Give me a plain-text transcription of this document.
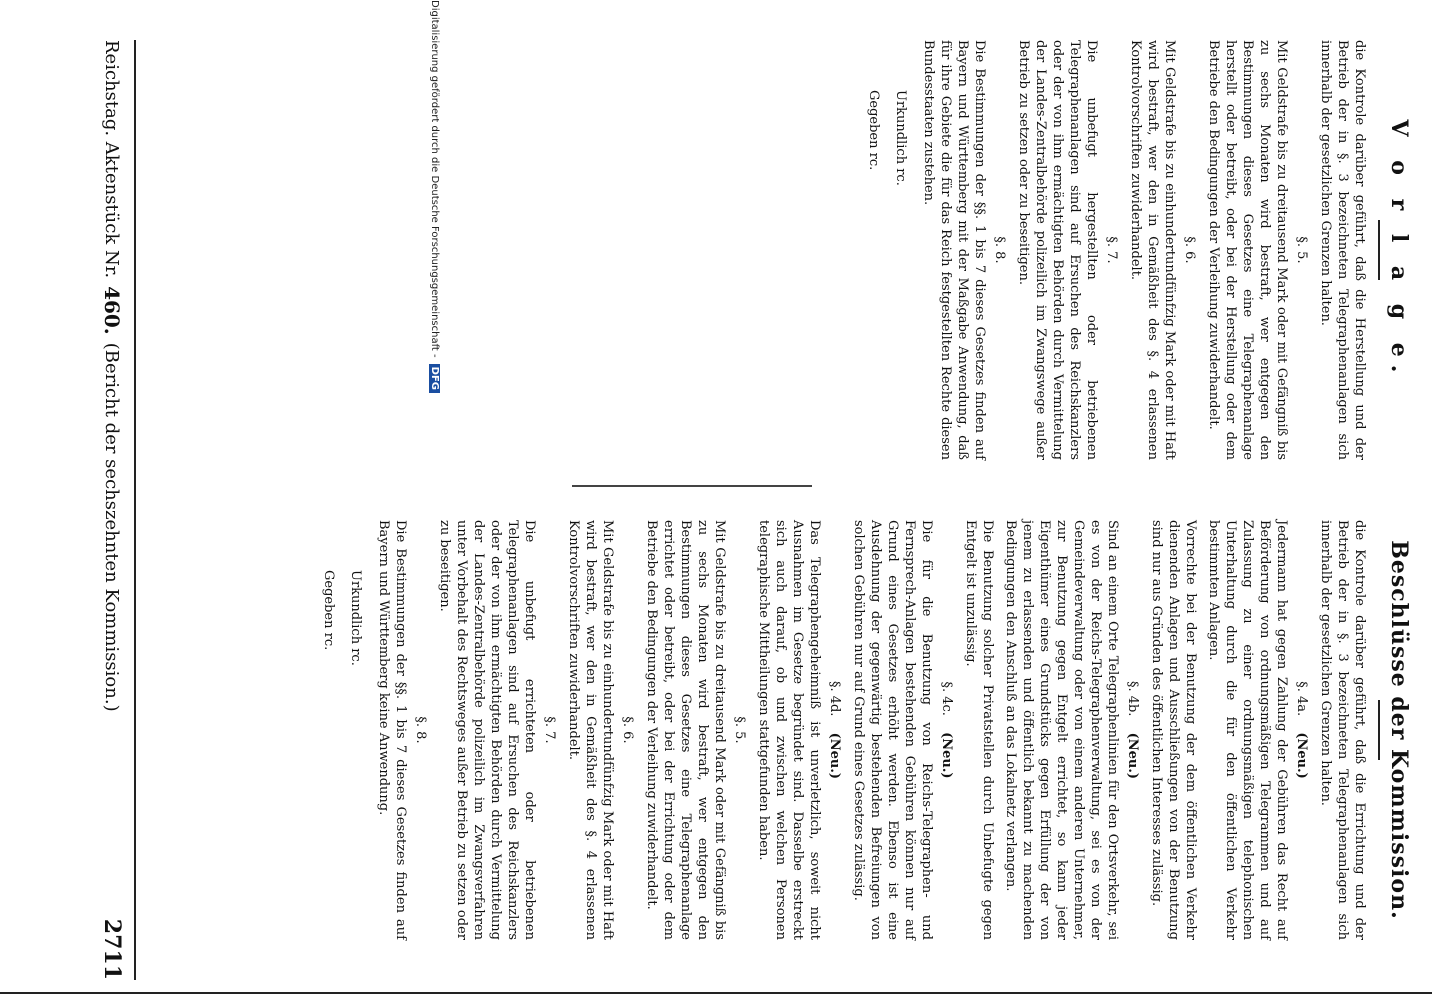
Reichstag. Aktenstück Nr.
460.
(Bericht der sechszehnten Kommission.)
2711
V o r l a g e.

die Kontrole darüber geführt, daß die Herstellung und der Betrieb der in §. 3 bezeichneten Telegraphenanlagen sich innerhalb der gesetzlichen Grenzen halten.

§. 5.

Mit Geldstrafe bis zu dreitausend Mark oder mit Gefängniß bis zu sechs Monaten wird bestraft, wer entgegen den Bestimmungen dieses Gesetzes eine Telegraphenanlage herstellt oder betreibt, oder bei der Herstellung oder dem Betriebe den Bedingungen der Verleihung zuwiderhandelt.

§. 6.

Mit Geldstrafe bis zu einhundertundfünfzig Mark oder mit Haft wird bestraft, wer den in Gemäßheit des §. 4 erlassenen Kontrolvorschriften zuwiderhandelt.

§. 7.

Die unbefugt hergestellten oder betriebenen Telegraphenanlagen sind auf Ersuchen des Reichskanzlers oder der von ihm ermächtigten Behörden durch Vermittelung der Landes-Zentralbehörde polizeilich im Zwangswege außer Betrieb zu setzen oder zu beseitigen.

§. 8.

Die Bestimmungen der §§. 1 bis 7 dieses Gesetzes finden auf Bayern und Württemberg mit der Maßgabe Anwendung, daß für ihre Gebiete die für das Reich festgestellten Rechte diesen Bundesstaaten zustehen.

Urkundlich rc.
Gegeben rc.
Beschlüsse der Kommission.

die Kontrole darüber geführt, daß die Errichtung und der Betrieb der in §. 3 bezeichneten Telegraphenanlagen sich innerhalb der gesetzlichen Grenzen halten.

§. 4a. (Neu.)

Jedermann hat gegen Zahlung der Gebühren das Recht auf Beförderung von ordnungsmäßigen Telegrammen und auf Zulassung zu einer ordnungsmäßigen telephonischen Unterhaltung durch die für den öffentlichen Verkehr bestimmten Anlagen.

Vorrechte bei der Benutzung der dem öffentlichen Verkehr dienenden Anlagen und Ausschließungen von der Benutzung sind nur aus Gründen des öffentlichen Interesses zulässig.

§. 4b. (Neu.)

Sind an einem Orte Telegraphenlinien für den Ortsverkehr, sei es von der Reichs-Telegraphenverwaltung, sei es von der Gemeindeverwaltung oder von einem anderen Unternehmer, zur Benutzung gegen Entgelt errichtet, so kann jeder Eigenthümer eines Grundstücks gegen Erfüllung der von jenem zu erlassenden und öffentlich bekannt zu machenden Bedingungen den Anschluß an das Lokalnetz verlangen.

Die Benutzung solcher Privatstellen durch Unbefugte gegen Entgelt ist unzulässig.

§. 4c. (Neu.)

Die für die Benutzung von Reichs-Telegraphen- und Fernsprech-Anlagen bestehenden Gebühren können nur auf Grund eines Gesetzes erhöht werden. Ebenso ist eine Ausdehnung der gegenwärtig bestehenden Befreiungen von solchen Gebühren nur auf Grund eines Gesetzes zulässig.

§. 4d. (Neu.)

Das Telegraphengeheimniß ist unverletzlich, soweit nicht Ausnahmen im Gesetze begründet sind. Dasselbe erstreckt sich auch darauf, ob und zwischen welchen Personen telegraphische Mittheilungen stattgefunden haben.

§. 5.

Mit Geldstrafe bis zu dreitausend Mark oder mit Gefängniß bis zu sechs Monaten wird bestraft, wer entgegen den Bestimmungen dieses Gesetzes eine Telegraphenanlage errichtet oder betreibt, oder bei der Errichtung oder dem Betriebe den Bedingungen der Verleihung zuwiderhandelt.

§. 6.

Mit Geldstrafe bis zu einhundertundfünfzig Mark oder mit Haft wird bestraft, wer den in Gemäßheit des §. 4 erlassenen Kontrolvorschriften zuwiderhandelt.

§. 7.

Die unbefugt errichteten oder betriebenen Telegraphenanlagen sind auf Ersuchen des Reichskanzlers oder der von ihm ermächtigten Behörden durch Vermittelung der Landes-Zentralbehörde polizeilich im Zwangsverfahren unter Vorbehalt des Rechtsweges außer Betrieb zu setzen oder zu beseitigen.

§. 8.

Die Bestimmungen der §§. 1 bis 7 dieses Gesetzes finden auf Bayern und Württemberg keine Anwendung.

Urkundlich rc.
Gegeben rc.
Digitalisierung gefördert durch die Deutsche Forschungsgemeinschaft -
DFG
